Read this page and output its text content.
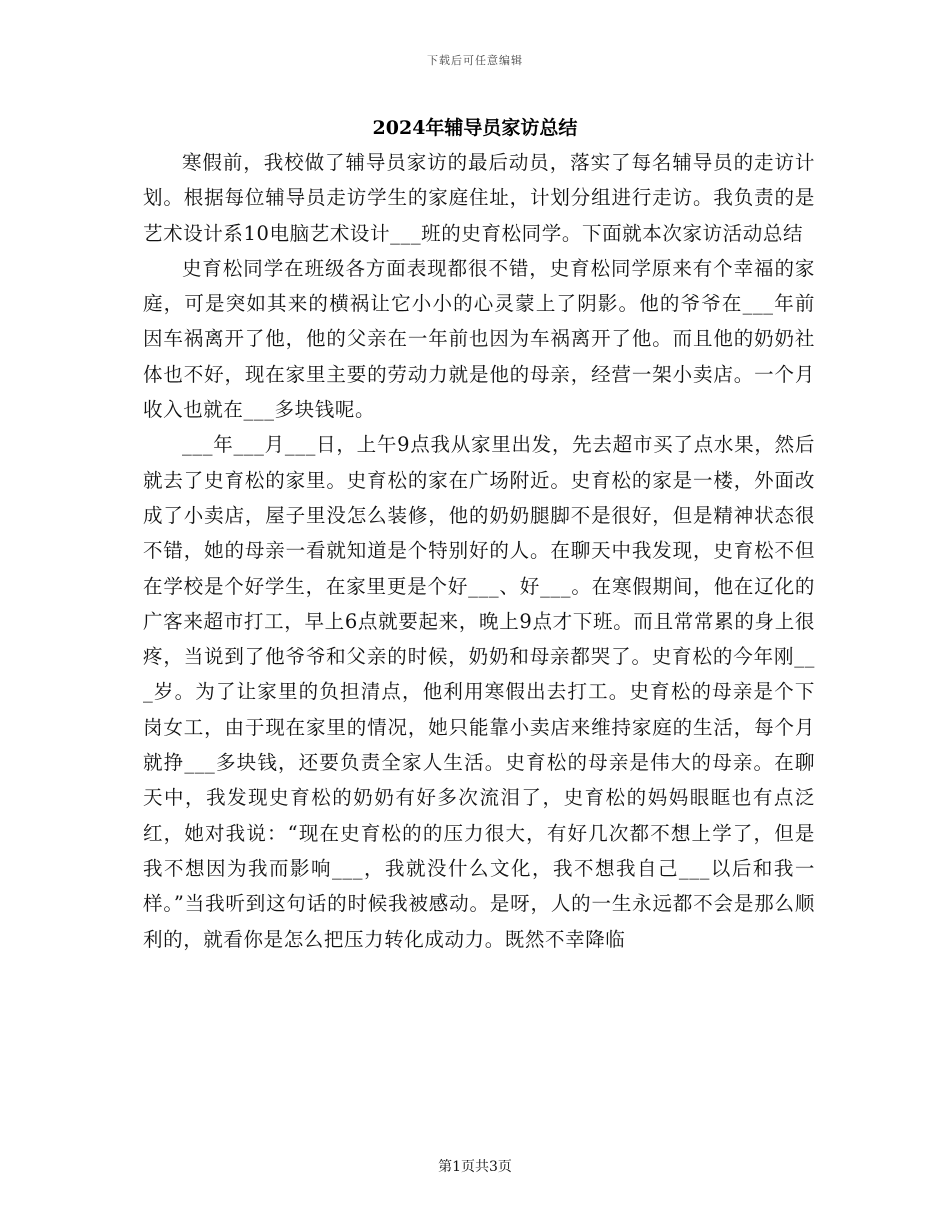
下载后可任意编辑
2024年辅导员家访总结

寒假前，我校做了辅导员家访的最后动员，落实了每名辅导员的走访计划。根据每位辅导员走访学生的家庭住址，计划分组进行走访。我负责的是艺术设计系10电脑艺术设计___班的史育松同学。下面就本次家访活动总结

史育松同学在班级各方面表现都很不错，史育松同学原来有个幸福的家庭，可是突如其来的横祸让它小小的心灵蒙上了阴影。他的爷爷在___年前因车祸离开了他，他的父亲在一年前也因为车祸离开了他。而且他的奶奶社体也不好，现在家里主要的劳动力就是他的母亲，经营一架小卖店。一个月收入也就在___多块钱呢。

___年___月___日，上午9点我从家里出发，先去超市买了点水果，然后就去了史育松的家里。史育松的家在广场附近。史育松的家是一楼，外面改成了小卖店，屋子里没怎么装修，他的奶奶腿脚不是很好，但是精神状态很不错，她的母亲一看就知道是个特别好的人。在聊天中我发现，史育松不但在学校是个好学生，在家里更是个好___、好___。在寒假期间，他在辽化的广客来超市打工，早上6点就要起来，晚上9点才下班。而且常常累的身上很疼，当说到了他爷爷和父亲的时候，奶奶和母亲都哭了。史育松的今年刚___岁。为了让家里的负担清点，他利用寒假出去打工。史育松的母亲是个下岗女工，由于现在家里的情况，她只能靠小卖店来维持家庭的生活，每个月就挣___多块钱，还要负责全家人生活。史育松的母亲是伟大的母亲。在聊天中，我发现史育松的奶奶有好多次流泪了，史育松的妈妈眼眶也有点泛红，她对我说：“现在史育松的的压力很大，有好几次都不想上学了，但是我不想因为我而影响___，我就没什么文化，我不想我自己___以后和我一样。”当我听到这句话的时候我被感动。是呀，人的一生永远都不会是那么顺利的，就看你是怎么把压力转化成动力。既然不幸降临

第1页共3页
